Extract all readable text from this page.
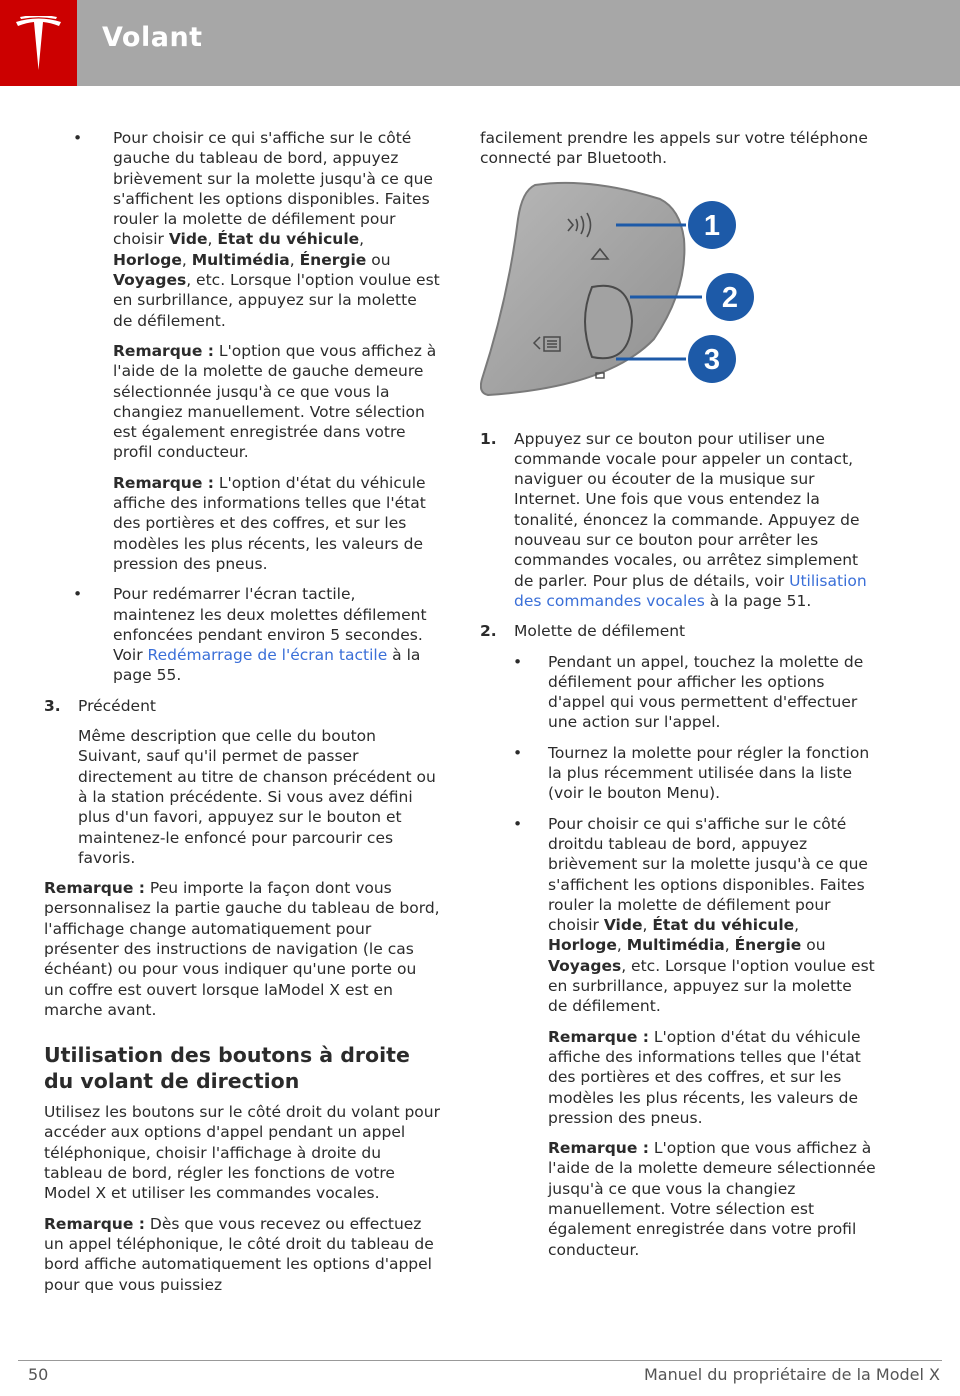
Volant
• Pour choisir ce qui s'affiche sur le côté gauche du tableau de bord, appuyez brièvement sur la molette jusqu'à ce que s'affichent les options disponibles. Faites rouler la molette de défilement pour choisir Vide, État du véhicule, Horloge, Multimédia, Énergie ou Voyages, etc. Lorsque l'option voulue est en surbrillance, appuyez sur la molette de défilement.
Remarque : L'option que vous affichez à l'aide de la molette de gauche demeure sélectionnée jusqu'à ce que vous la changiez manuellement. Votre sélection est également enregistrée dans votre profil conducteur.
Remarque : L'option d'état du véhicule affiche des informations telles que l'état des portières et des coffres, et sur les modèles les plus récents, les valeurs de pression des pneus.
• Pour redémarrer l'écran tactile, maintenez les deux molettes défilement enfoncées pendant environ 5 secondes. Voir Redémarrage de l'écran tactile à la page 55.
3. Précédent
Même description que celle du bouton Suivant, sauf qu'il permet de passer directement au titre de chanson précédent ou à la station précédente. Si vous avez défini plus d'un favori, appuyez sur le bouton et maintenez-le enfoncé pour parcourir ces favoris.

Remarque : Peu importe la façon dont vous personnalisez la partie gauche du tableau de bord, l'affichage change automatiquement pour présenter des instructions de navigation (le cas échéant) ou pour vous indiquer qu'une porte ou un coffre est ouvert lorsque laModel X est en marche avant.

Utilisation des boutons à droite du volant de direction

Utilisez les boutons sur le côté droit du volant pour accéder aux options d'appel pendant un appel téléphonique, choisir l'affichage à droite du tableau de bord, régler les fonctions de votre Model X et utiliser les commandes vocales.

Remarque : Dès que vous recevez ou effectuez un appel téléphonique, le côté droit du tableau de bord affiche automatiquement les options d'appel pour que vous puissiez

facilement prendre les appels sur votre téléphone connecté par Bluetooth.

1
2
3
1. Appuyez sur ce bouton pour utiliser une commande vocale pour appeler un contact, naviguer ou écouter de la musique sur Internet. Une fois que vous entendez la tonalité, énoncez la commande. Appuyez de nouveau sur ce bouton pour arrêter les commandes vocales, ou arrêtez simplement de parler. Pour plus de détails, voir Utilisation des commandes vocales à la page 51.
2. Molette de défilement
• Pendant un appel, touchez la molette de défilement pour afficher les options d'appel qui vous permettent d'effectuer une action sur l'appel.
• Tournez la molette pour régler la fonction la plus récemment utilisée dans la liste (voir le bouton Menu).
• Pour choisir ce qui s'affiche sur le côté droitdu tableau de bord, appuyez brièvement sur la molette jusqu'à ce que s'affichent les options disponibles. Faites rouler la molette de défilement pour choisir Vide, État du véhicule, Horloge, Multimédia, Énergie ou Voyages, etc. Lorsque l'option voulue est en surbrillance, appuyez sur la molette de défilement.
Remarque : L'option d'état du véhicule affiche des informations telles que l'état des portières et des coffres, et sur les modèles les plus récents, les valeurs de pression des pneus.
Remarque : L'option que vous affichez à l'aide de la molette demeure sélectionnée jusqu'à ce que vous la changiez manuellement. Votre sélection est également enregistrée dans votre profil conducteur.
50	Manuel du propriétaire de la Model X
